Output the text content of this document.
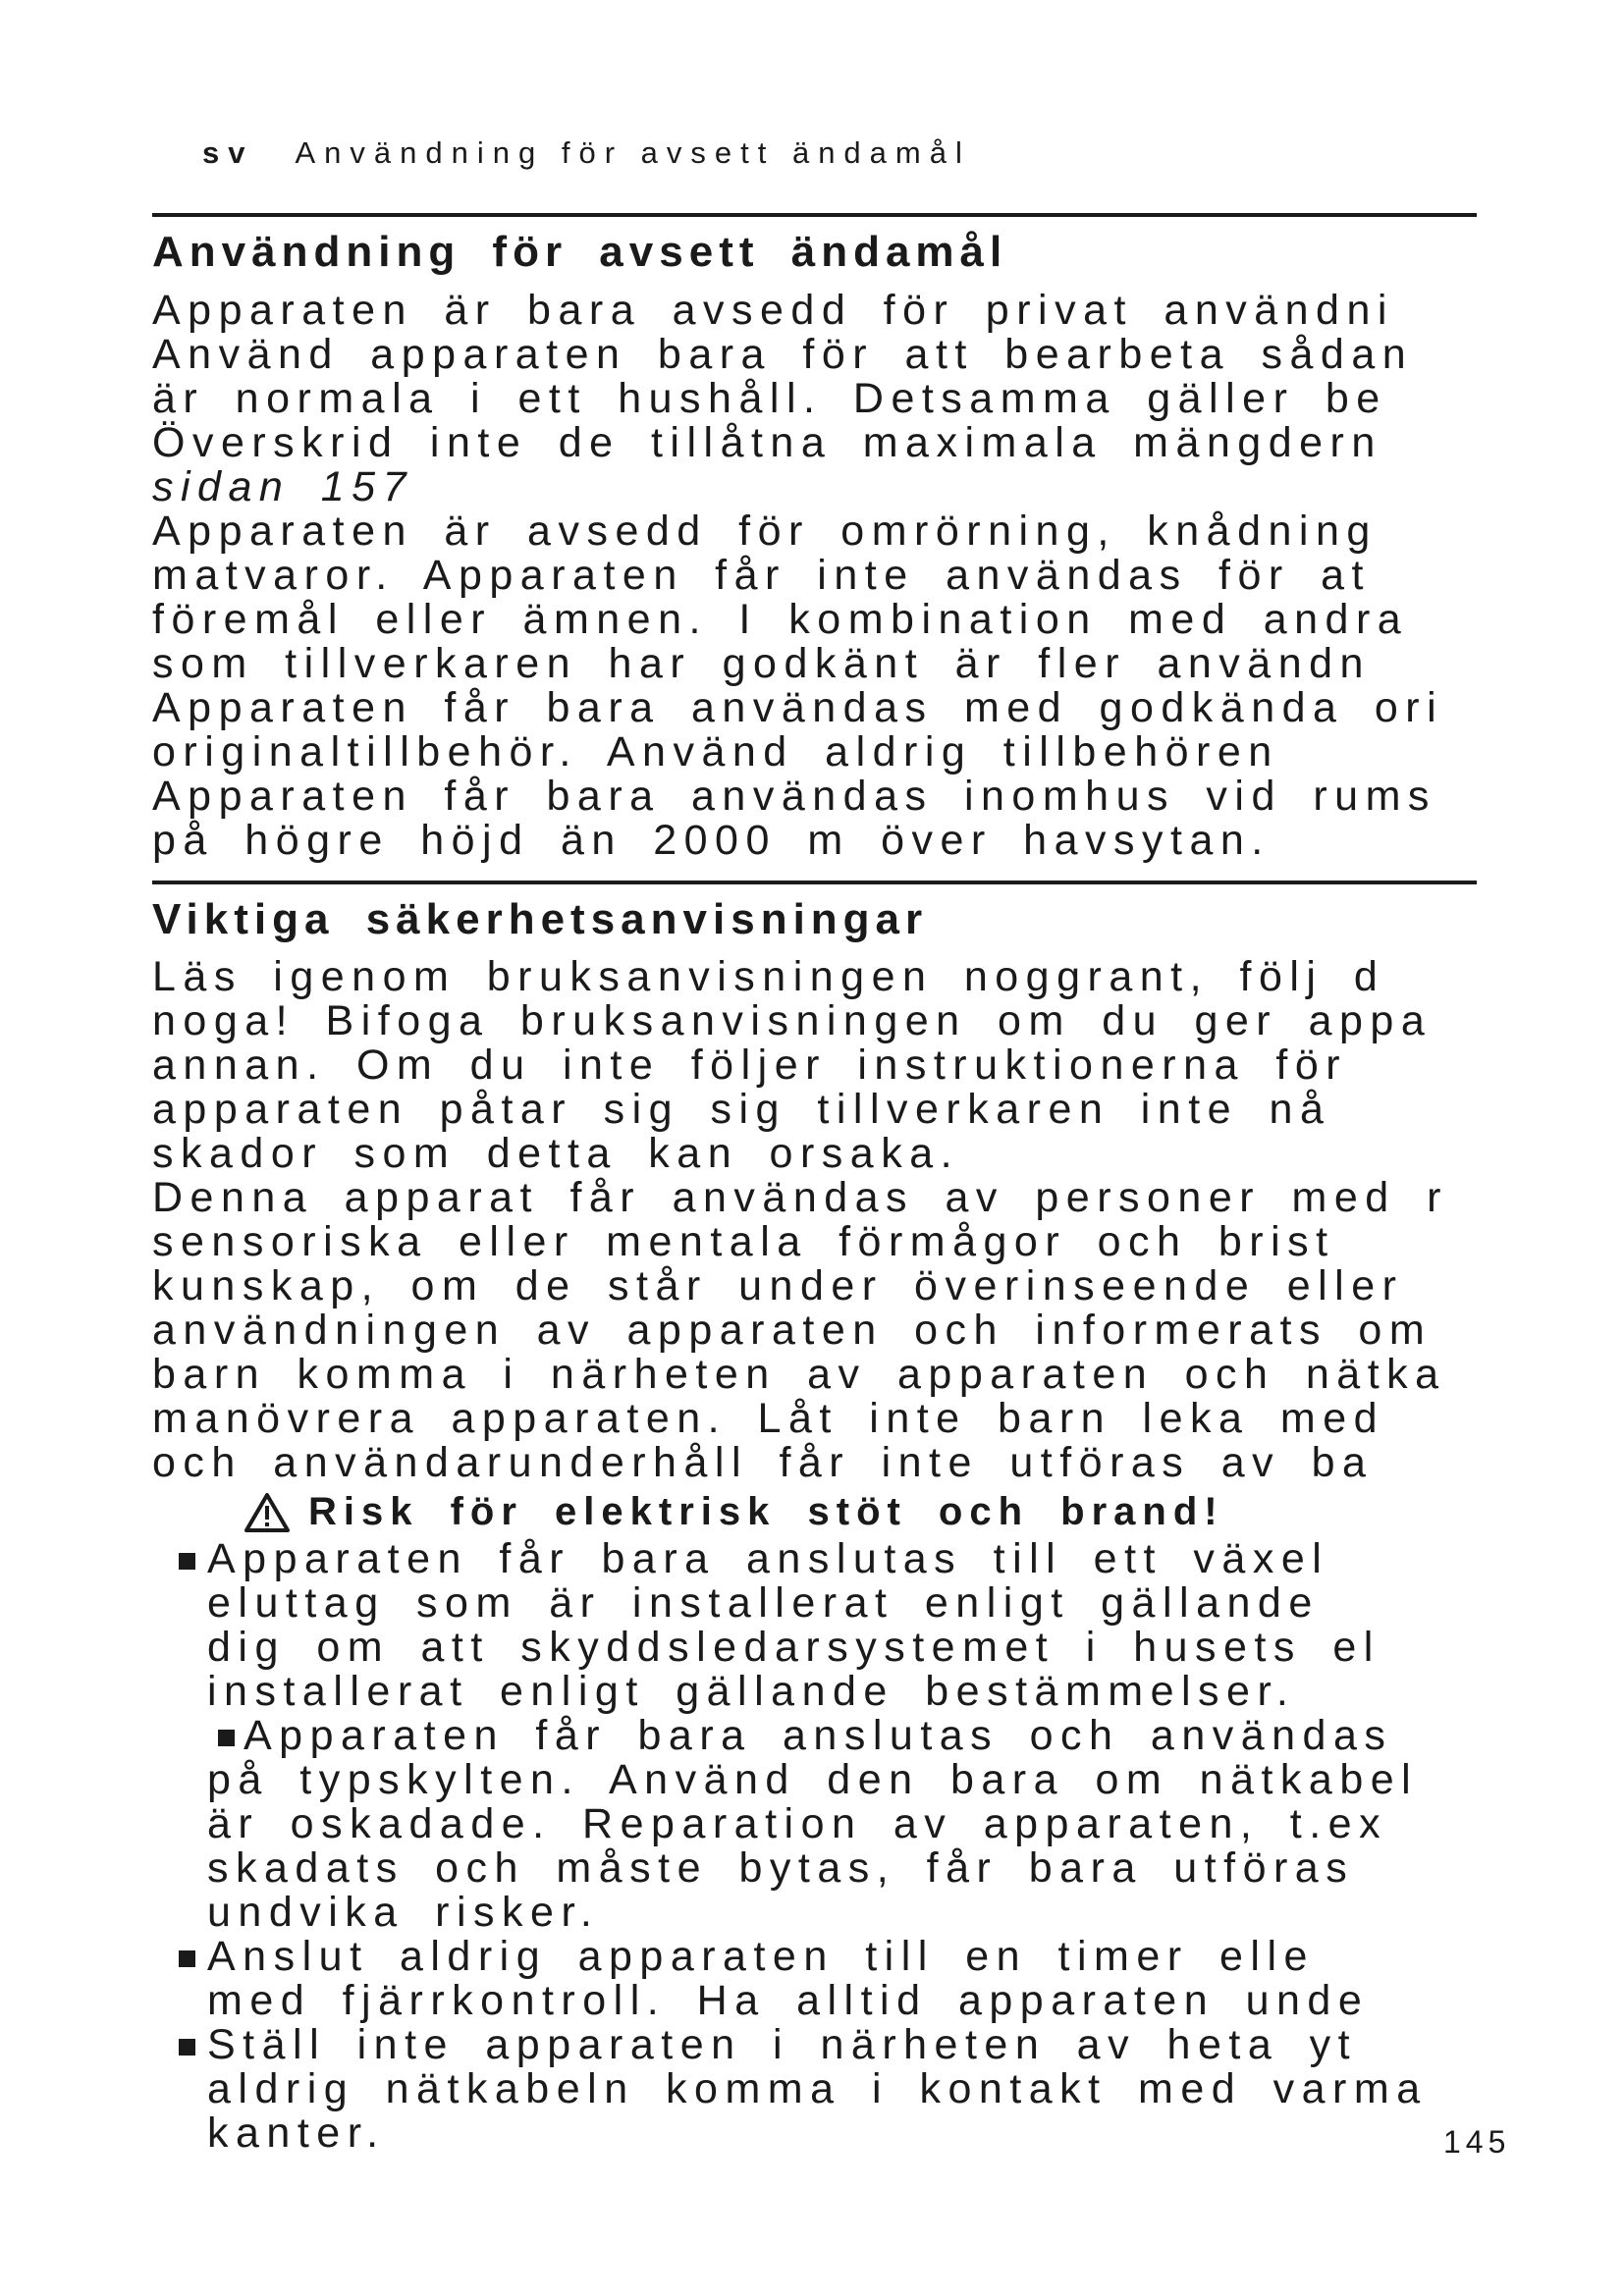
sv Användning för avsett ändamål
Användning för avsett ändamål
Apparaten är bara avsedd för privat användni
Använd apparaten bara för att bearbeta sådan
är normala i ett hushåll. Detsamma gäller be
Överskrid inte de tillåtna maximala mängdern
sidan 157
Apparaten är avsedd för omrörning, knådning
matvaror. Apparaten får inte användas för at
föremål eller ämnen. I kombination med andra
som tillverkaren har godkänt är fler användn
Apparaten får bara användas med godkända ori
originaltillbehör. Använd aldrig tillbehören
Apparaten får bara användas inomhus vid rums
på högre höjd än 2000 m över havsytan.
Viktiga säkerhetsanvisningar
Läs igenom bruksanvisningen noggrant, följ d
noga! Bifoga bruksanvisningen om du ger appa
annan. Om du inte följer instruktionerna för
apparaten påtar sig sig tillverkaren inte nå
skador som detta kan orsaka.
Denna apparat får användas av personer med r
sensoriska eller mentala förmågor och brist
kunskap, om de står under överinseende eller
användningen av apparaten och informerats om
barn komma i närheten av apparaten och nätka
manövrera apparaten. Låt inte barn leka med
och användarunderhåll får inte utföras av ba
Risk för elektrisk stöt och brand!
Apparaten får bara anslutas till ett växel
eluttag som är installerat enligt gällande
dig om att skyddsledarsystemet i husets el
installerat enligt gällande bestämmelser.
Apparaten får bara anslutas och användas
på typskylten. Använd den bara om nätkabel
är oskadade. Reparation av apparaten, t.ex
skadats och måste bytas, får bara utföras
undvika risker.
Anslut aldrig apparaten till en timer elle
med fjärrkontroll. Ha alltid apparaten unde
Ställ inte apparaten i närheten av heta yt
aldrig nätkabeln komma i kontakt med varma
kanter.	145
